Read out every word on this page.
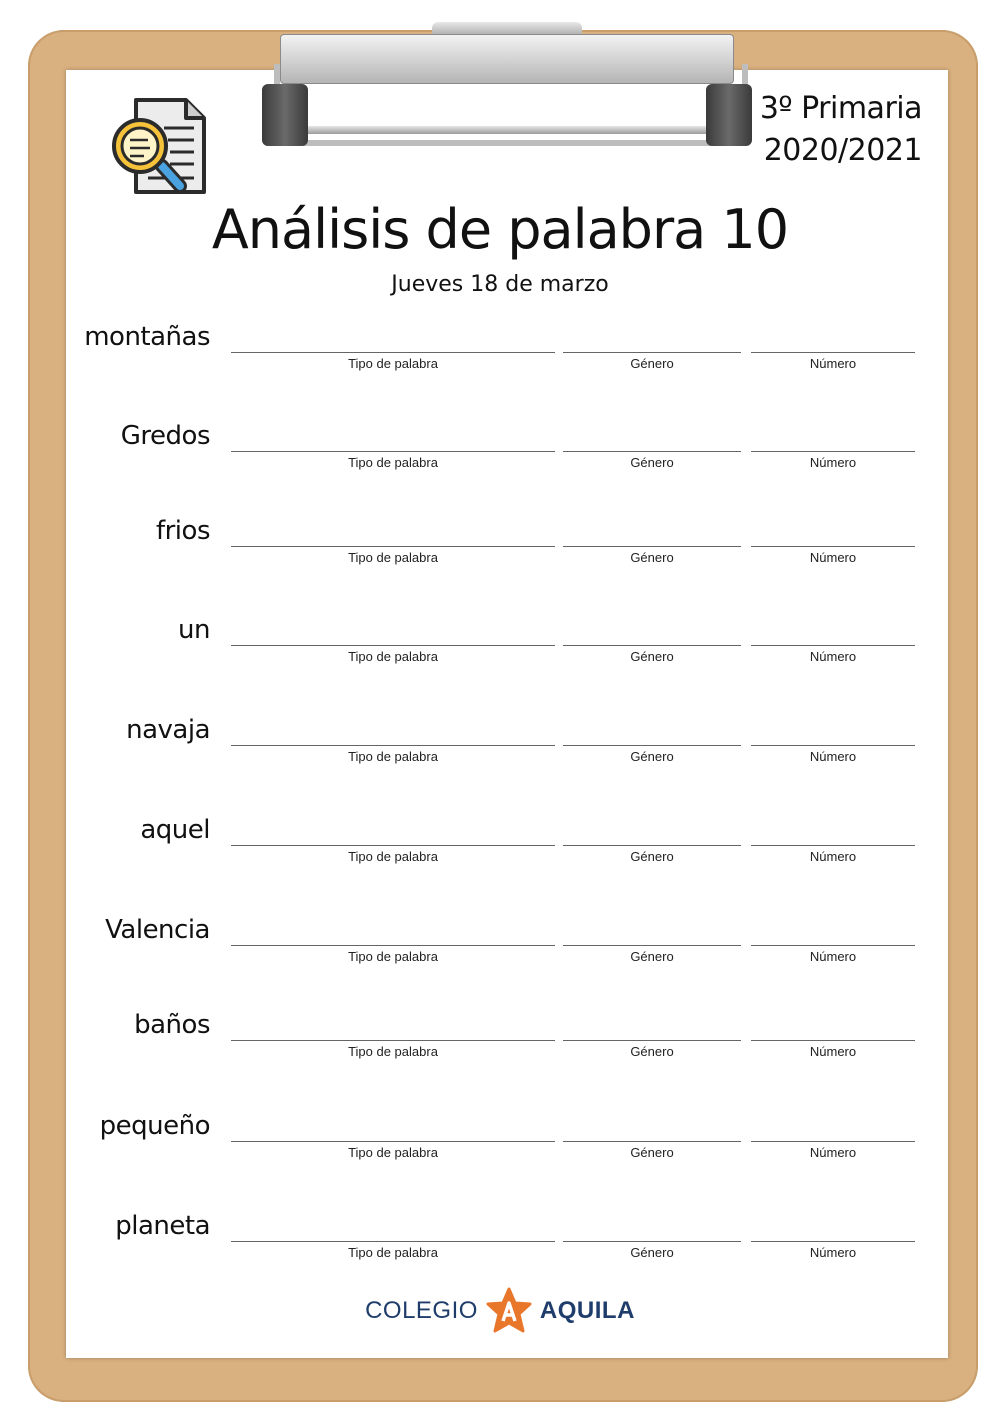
3º Primaria
2020/2021
Análisis de palabra 10
Jueves 18 de marzo
montañas
Tipo de palabra	Género	Número
Gredos
Tipo de palabra	Género	Número
frios
Tipo de palabra	Género	Número
un
Tipo de palabra	Género	Número
navaja
Tipo de palabra	Género	Número
aquel
Tipo de palabra	Género	Número
Valencia
Tipo de palabra	Género	Número
baños
Tipo de palabra	Género	Número
pequeño
Tipo de palabra	Género	Número
planeta
Tipo de palabra	Género	Número
COLEGIO	AQUILA
